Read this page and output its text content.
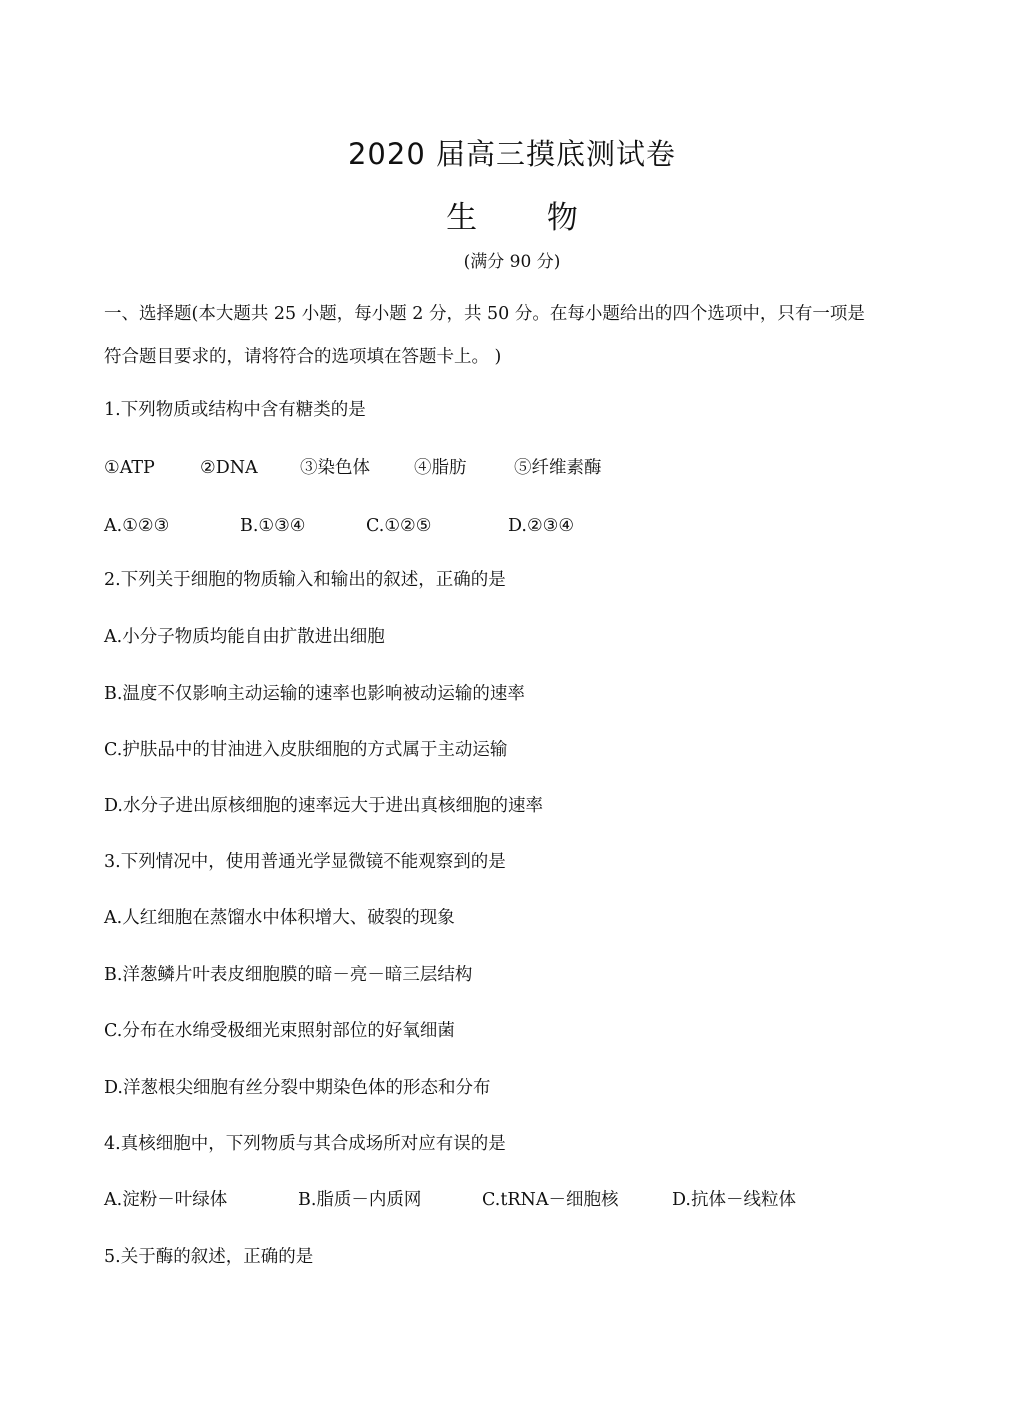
2020 届高三摸底测试卷
生 物
(满分 90 分)
一、选择题(本大题共 25 小题，每小题 2 分，共 50 分。在每小题给出的四个选项中，只有一项是
符合题目要求的，请将符合的选项填在答题卡上。 )
1.下列物质或结构中含有糖类的是
①ATP	②DNA ③染色体	④脂肪	⑤纤维素酶
A.①②③	B.①③④	C.①②⑤	D.②③④
2.下列关于细胞的物质输入和输出的叙述，正确的是
A.小分子物质均能自由扩散进出细胞
B.温度不仅影响主动运输的速率也影响被动运输的速率
C.护肤品中的甘油进入皮肤细胞的方式属于主动运输
D.水分子进出原核细胞的速率远大于进出真核细胞的速率
3.下列情况中，使用普通光学显微镜不能观察到的是
A.人红细胞在蒸馏水中体积增大、破裂的现象
B.洋葱鳞片叶表皮细胞膜的暗－亮－暗三层结构
C.分布在水绵受极细光束照射部位的好氧细菌
D.洋葱根尖细胞有丝分裂中期染色体的形态和分布
4.真核细胞中，下列物质与其合成场所对应有误的是
A.淀粉－叶绿体	B.脂质－内质网	C.tRNA－细胞核	D.抗体－线粒体
5.关于酶的叙述，正确的是
